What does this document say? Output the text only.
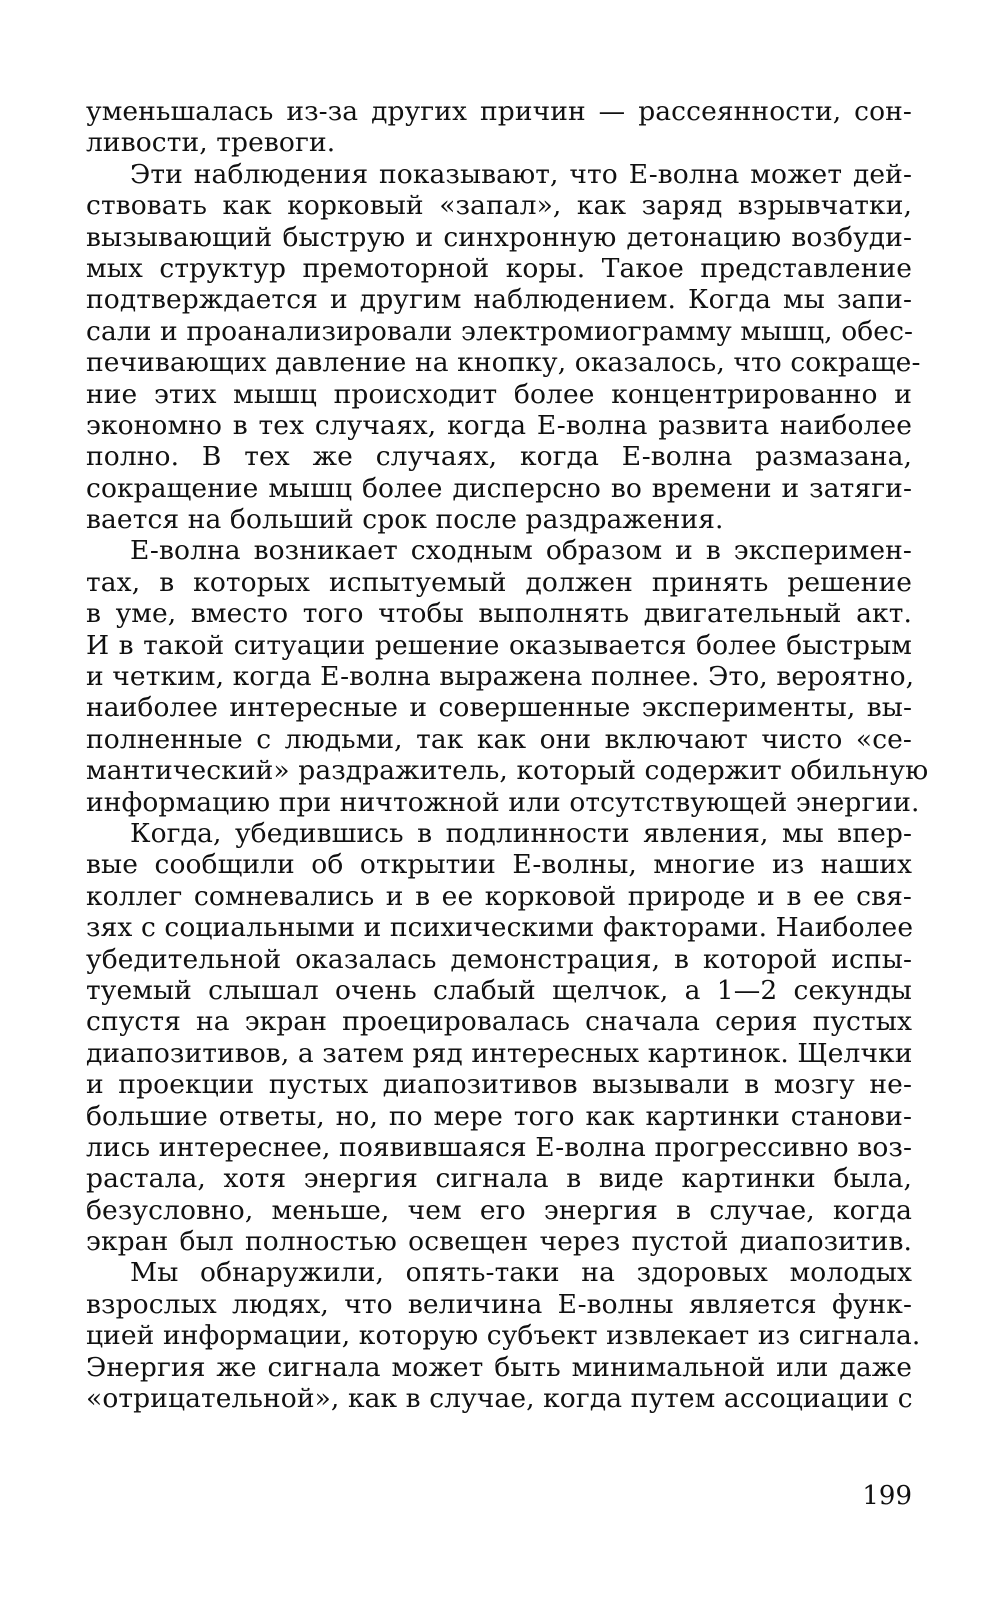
уменьшалась из-за других причин — рассеянности, сон-
ливости, тревоги.
Эти наблюдения показывают, что E-волна может дей-
ствовать как корковый «запал», как заряд взрывчатки,
вызывающий быструю и синхронную детонацию возбуди-
мых структур премоторной коры. Такое представление
подтверждается и другим наблюдением. Когда мы запи-
сали и проанализировали электромиограмму мышц, обес-
печивающих давление на кнопку, оказалось, что сокраще-
ние этих мышц происходит более концентрированно и
экономно в тех случаях, когда E-волна развита наиболее
полно. В тех же случаях, когда E-волна размазана,
сокращение мышц более дисперсно во времени и затяги-
вается на больший срок после раздражения.
E-волна возникает сходным образом и в эксперимен-
тах, в которых испытуемый должен принять решение
в уме, вместо того чтобы выполнять двигательный акт.
И в такой ситуации решение оказывается более быстрым
и четким, когда E-волна выражена полнее. Это, вероятно,
наиболее интересные и совершенные эксперименты, вы-
полненные с людьми, так как они включают чисто «се-
мантический» раздражитель, который содержит обильную
информацию при ничтожной или отсутствующей энергии.
Когда, убедившись в подлинности явления, мы впер-
вые сообщили об открытии E-волны, многие из наших
коллег сомневались и в ее корковой природе и в ее свя-
зях с социальными и психическими факторами. Наиболее
убедительной оказалась демонстрация, в которой испы-
туемый слышал очень слабый щелчок, а 1—2 секунды
спустя на экран проецировалась сначала серия пустых
диапозитивов, а затем ряд интересных картинок. Щелчки
и проекции пустых диапозитивов вызывали в мозгу не-
большие ответы, но, по мере того как картинки станови-
лись интереснее, появившаяся E-волна прогрессивно воз-
растала, хотя энергия сигнала в виде картинки была,
безусловно, меньше, чем его энергия в случае, когда
экран был полностью освещен через пустой диапозитив.
Мы обнаружили, опять-таки на здоровых молодых
взрослых людях, что величина E-волны является функ-
цией информации, которую субъект извлекает из сигнала.
Энергия же сигнала может быть минимальной или даже
«отрицательной», как в случае, когда путем ассоциации с
199
